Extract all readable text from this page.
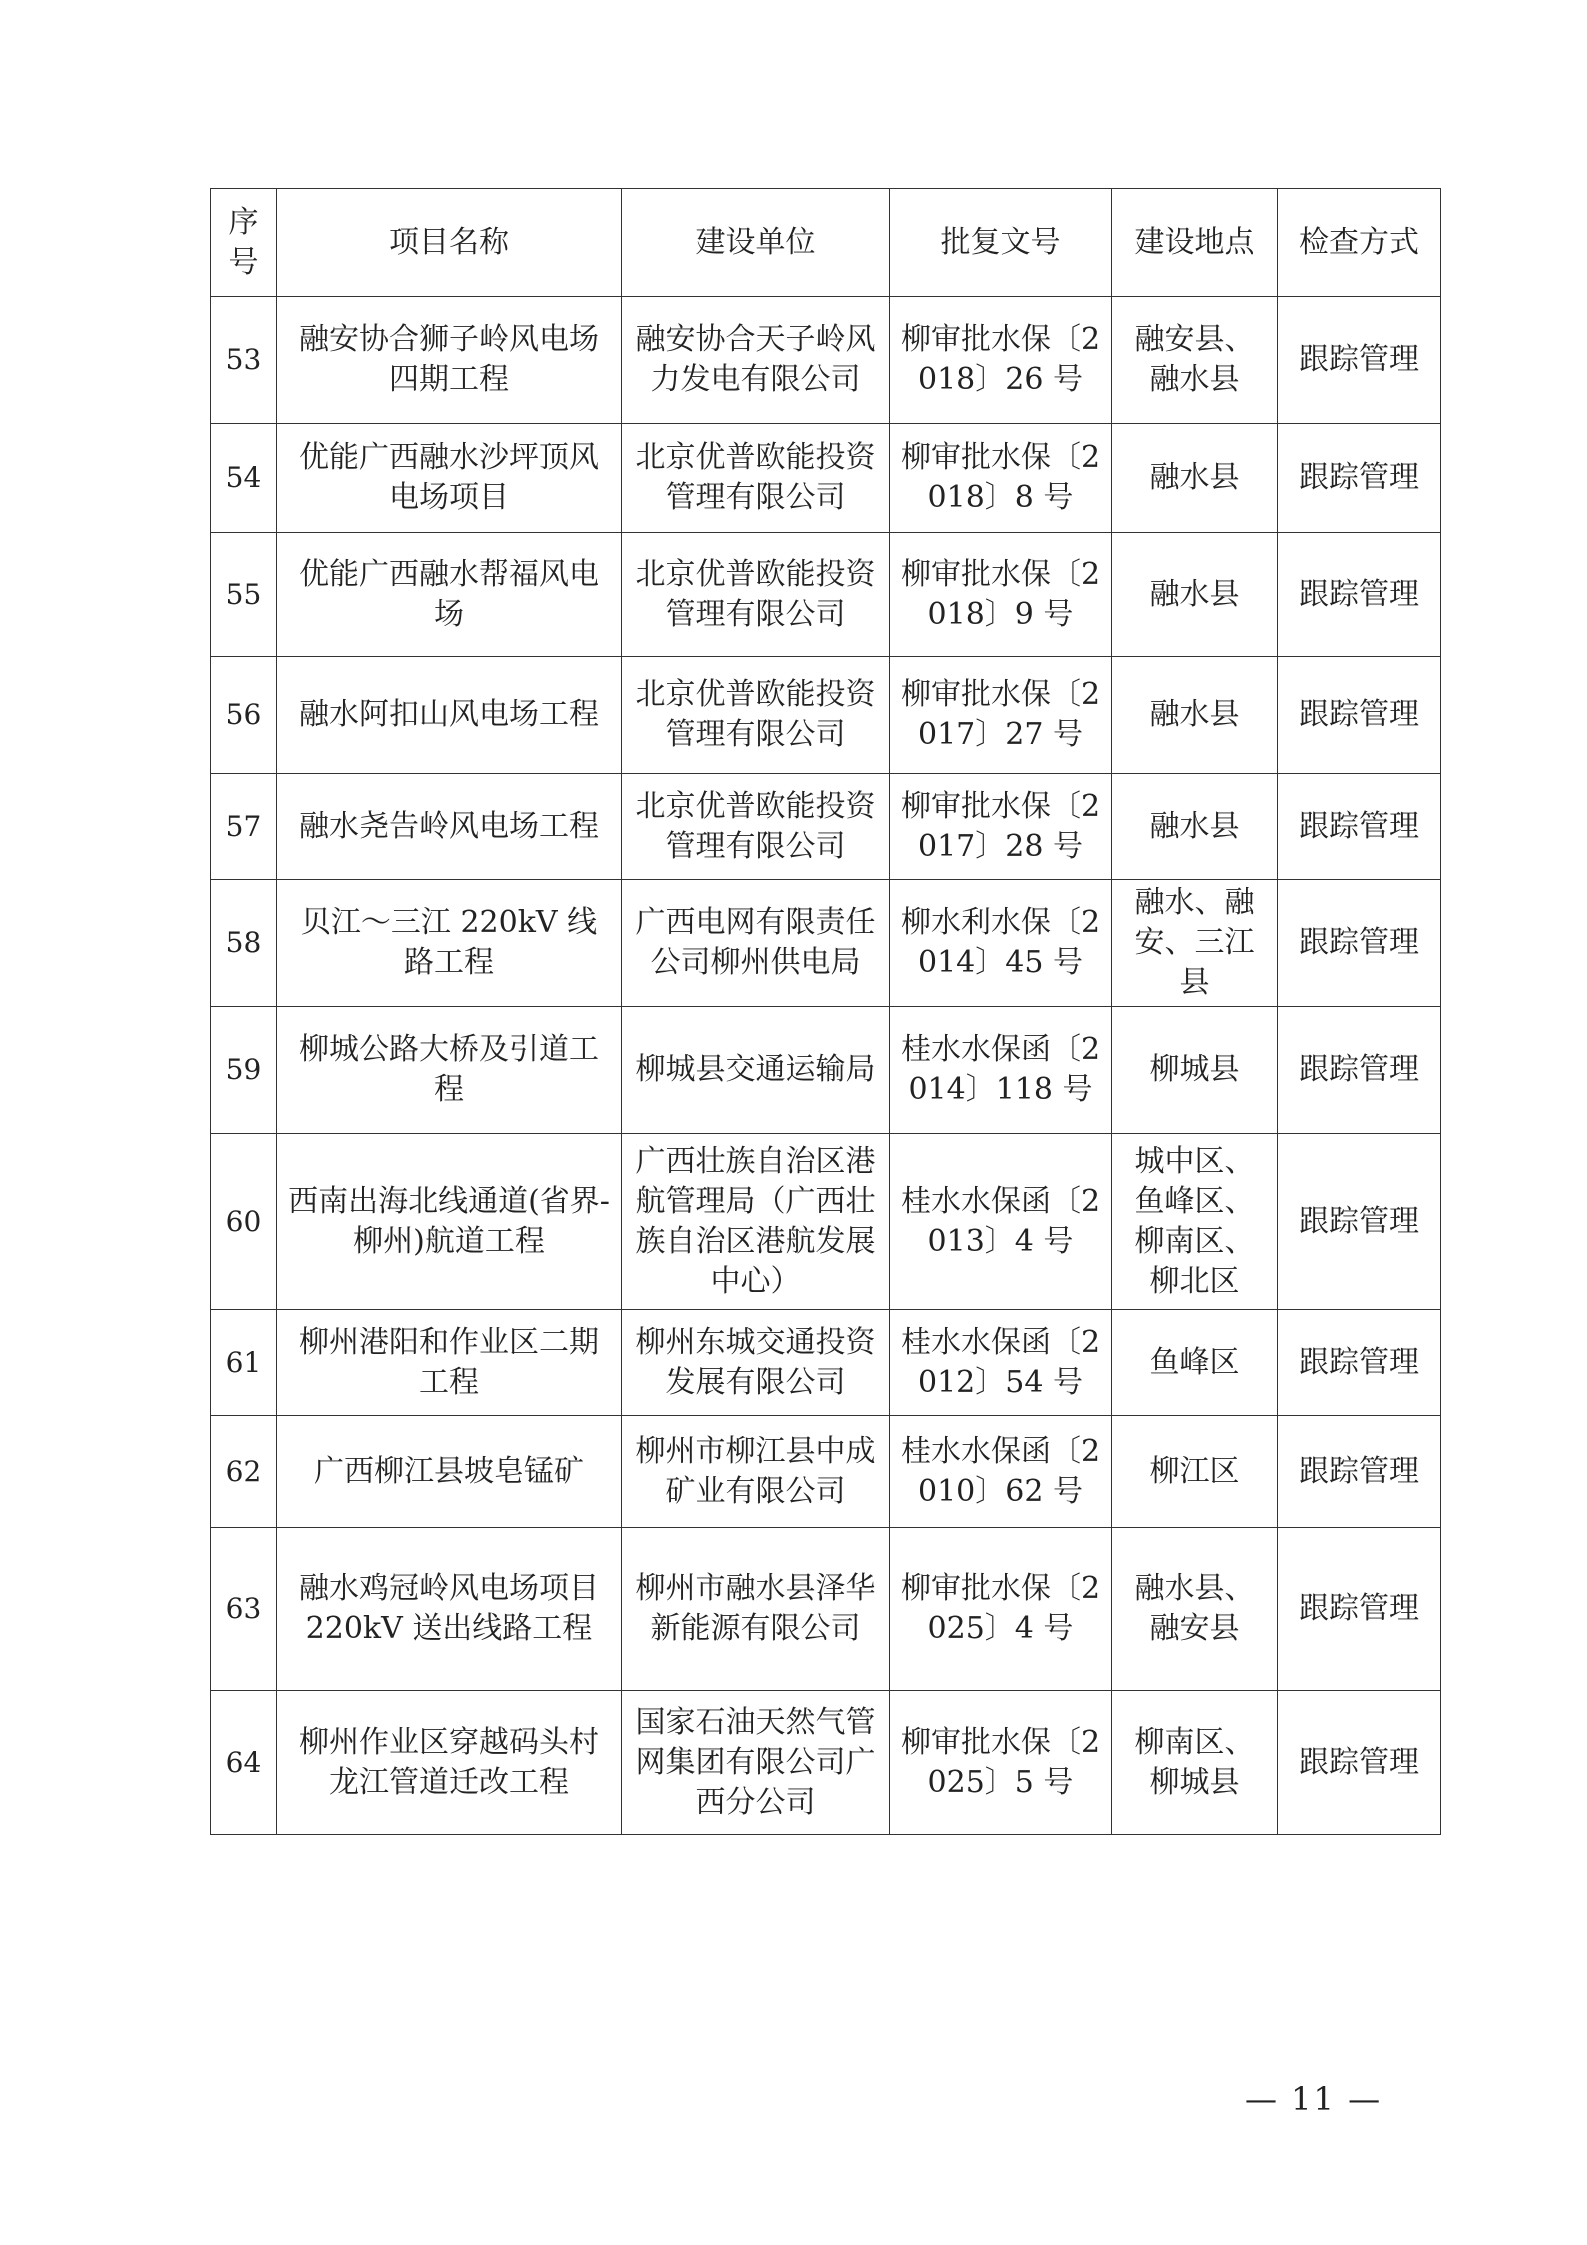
序
号	项目名称	建设单位	批复文号	建设地点	检查方式
53	融安协合狮子岭风电场四期工程	融安协合天子岭风力发电有限公司	柳审批水保〔2018〕26 号	融安县、融水县	跟踪管理
54	优能广西融水沙坪顶风电场项目	北京优普欧能投资管理有限公司	柳审批水保〔2018〕8 号	融水县	跟踪管理
55	优能广西融水帮福风电场	北京优普欧能投资管理有限公司	柳审批水保〔2018〕9 号	融水县	跟踪管理
56	融水阿扣山风电场工程	北京优普欧能投资管理有限公司	柳审批水保〔2017〕27 号	融水县	跟踪管理
57	融水尧告岭风电场工程	北京优普欧能投资管理有限公司	柳审批水保〔2017〕28 号	融水县	跟踪管理
58	贝江～三江 220kV 线路工程	广西电网有限责任公司柳州供电局	柳水利水保〔2014〕45 号	融水、融安、三江县	跟踪管理
59	柳城公路大桥及引道工程	柳城县交通运输局	桂水水保函〔2014〕118 号	柳城县	跟踪管理
60	西南出海北线通道(省界-柳州)航道工程	广西壮族自治区港航管理局（广西壮族自治区港航发展中心）	桂水水保函〔2013〕4 号	城中区、鱼峰区、柳南区、柳北区	跟踪管理
61	柳州港阳和作业区二期工程	柳州东城交通投资发展有限公司	桂水水保函〔2012〕54 号	鱼峰区	跟踪管理
62	广西柳江县坡皂锰矿	柳州市柳江县中成矿业有限公司	桂水水保函〔2010〕62 号	柳江区	跟踪管理
63	融水鸡冠岭风电场项目 220kV 送出线路工程	柳州市融水县泽华新能源有限公司	柳审批水保〔2025〕4 号	融水县、融安县	跟踪管理
64	柳州作业区穿越码头村龙江管道迁改工程	国家石油天然气管网集团有限公司广西分公司	柳审批水保〔2025〕5 号	柳南区、柳城县	跟踪管理
— 11 —
